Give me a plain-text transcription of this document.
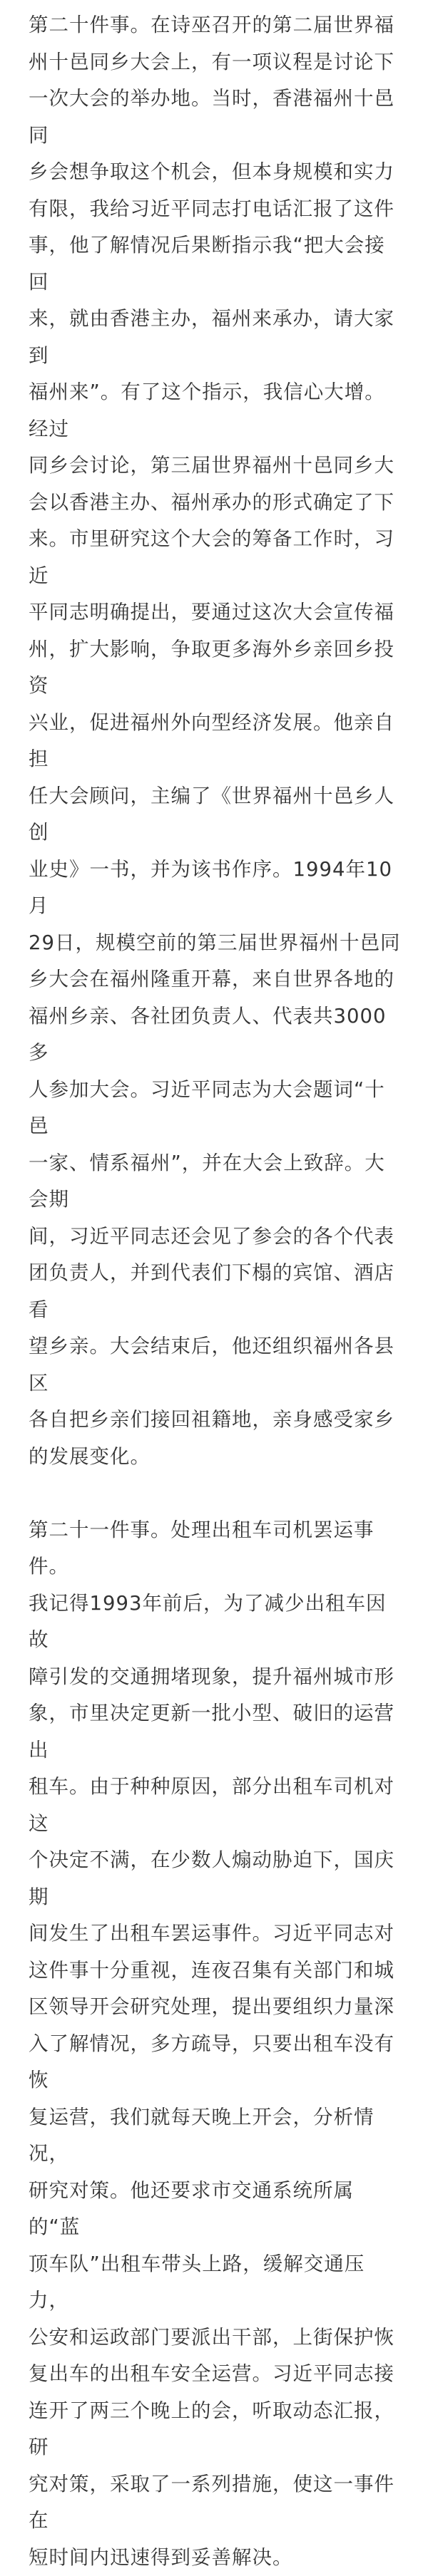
第二十件事。在诗巫召开的第二届世界福

州十邑同乡大会上，有一项议程是讨论下

一次大会的举办地。当时，香港福州十邑同

乡会想争取这个机会，但本身规模和实力

有限，我给习近平同志打电话汇报了这件

事，他了解情况后果断指示我“把大会接回

来，就由香港主办，福州来承办，请大家到

福州来”。有了这个指示，我信心大增。经过

同乡会讨论，第三届世界福州十邑同乡大

会以香港主办、福州承办的形式确定了下

来。市里研究这个大会的筹备工作时，习近

平同志明确提出，要通过这次大会宣传福

州，扩大影响，争取更多海外乡亲回乡投资

兴业，促进福州外向型经济发展。他亲自担

任大会顾问，主编了《世界福州十邑乡人创

业史》一书，并为该书作序。1994年10月

29日，规模空前的第三届世界福州十邑同

乡大会在福州隆重开幕，来自世界各地的

福州乡亲、各社团负责人、代表共3000多

人参加大会。习近平同志为大会题词“十邑

一家、情系福州”，并在大会上致辞。大会期

间，习近平同志还会见了参会的各个代表

团负责人，并到代表们下榻的宾馆、酒店看

望乡亲。大会结束后，他还组织福州各县区

各自把乡亲们接回祖籍地，亲身感受家乡

的发展变化。

第二十一件事。处理出租车司机罢运事件。

我记得1993年前后，为了减少出租车因故

障引发的交通拥堵现象，提升福州城市形

象，市里决定更新一批小型、破旧的运营出

租车。由于种种原因，部分出租车司机对这

个决定不满，在少数人煽动胁迫下，国庆期

间发生了出租车罢运事件。习近平同志对

这件事十分重视，连夜召集有关部门和城

区领导开会研究处理，提出要组织力量深

入了解情况，多方疏导，只要出租车没有恢

复运营，我们就每天晚上开会，分析情况，

研究对策。他还要求市交通系统所属的“蓝

顶车队”出租车带头上路，缓解交通压力，

公安和运政部门要派出干部，上街保护恢

复出车的出租车安全运营。习近平同志接

连开了两三个晚上的会，听取动态汇报，研

究对策，采取了一系列措施，使这一事件在

短时间内迅速得到妥善解决。
